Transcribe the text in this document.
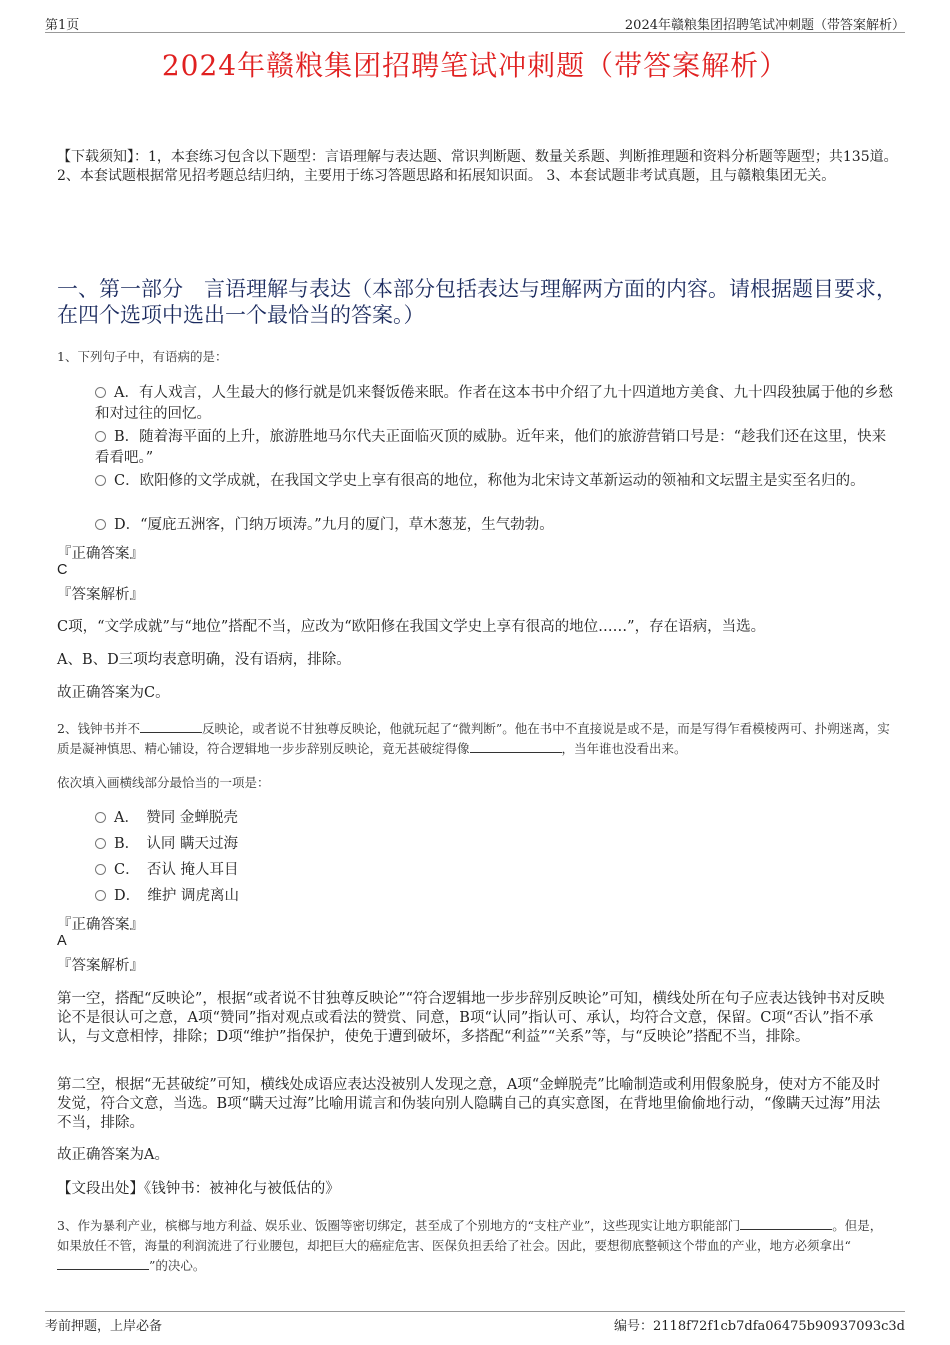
第1页	2024年赣粮集团招聘笔试冲刺题（带答案解析）
2024年赣粮集团招聘笔试冲刺题（带答案解析）
【下载须知】：1，本套练习包含以下题型：言语理解与表达题、常识判断题、数量关系题、判断推理题和资料分析题等题型；共135道。 2、本套试题根据常见招考题总结归纳，主要用于练习答题思路和拓展知识面。 3、本套试题非考试真题，且与赣粮集团无关。
一、第一部分　言语理解与表达（本部分包括表达与理解两方面的内容。请根据题目要求，在四个选项中选出一个最恰当的答案。）
1、下列句子中，有语病的是：
A．有人戏言，人生最大的修行就是饥来餐饭倦来眠。作者在这本书中介绍了九十四道地方美食、九十四段独属于他的乡愁和对过往的回忆。
B．随着海平面的上升，旅游胜地马尔代夫正面临灭顶的威胁。近年来，他们的旅游营销口号是：“趁我们还在这里，快来看看吧。”
C．欧阳修的文学成就，在我国文学史上享有很高的地位，称他为北宋诗文革新运动的领袖和文坛盟主是实至名归的。
D．“厦庇五洲客，门纳万顷涛。”九月的厦门，草木葱茏，生气勃勃。
『正确答案』
C
『答案解析』
C项，“文学成就”与“地位”搭配不当，应改为“欧阳修在我国文学史上享有很高的地位……”，存在语病，当选。
A、B、D三项均表意明确，没有语病，排除。
故正确答案为C。
2、钱钟书并不	反映论，或者说不甘独尊反映论，他就玩起了“微判断”。他在书中不直接说是或不是，而是写得乍看模棱两可、扑朔迷离，实质是凝神慎思、精心铺设，符合逻辑地一步步辞别反映论，竟无甚破绽得像	，当年谁也没看出来。
依次填入画横线部分最恰当的一项是：
A．　赞同 金蝉脱壳
B．　认同 瞒天过海
C．　否认 掩人耳目
D．　维护 调虎离山
『正确答案』
A
『答案解析』
第一空，搭配“反映论”，根据“或者说不甘独尊反映论”“符合逻辑地一步步辞别反映论”可知，横线处所在句子应表达钱钟书对反映论不是很认可之意，A项“赞同”指对观点或看法的赞赏、同意，B项“认同”指认可、承认，均符合文意，保留。C项“否认”指不承认，与文意相悖，排除；D项“维护”指保护，使免于遭到破坏，多搭配“利益”“关系”等，与“反映论”搭配不当，排除。
第二空，根据“无甚破绽”可知，横线处成语应表达没被别人发现之意，A项“金蝉脱壳”比喻制造或利用假象脱身，使对方不能及时发觉，符合文意，当选。B项“瞒天过海”比喻用谎言和伪装向别人隐瞒自己的真实意图，在背地里偷偷地行动，“像瞒天过海”用法不当，排除。
故正确答案为A。
【文段出处】《钱钟书：被神化与被低估的》
3、作为暴利产业，槟榔与地方利益、娱乐业、饭圈等密切绑定，甚至成了个别地方的“支柱产业”，这些现实让地方职能部门	。但是，如果放任不管，海量的利润流进了行业腰包，却把巨大的癌症危害、医保负担丢给了社会。因此，要想彻底整顿这个带血的产业，地方必须拿出“”的决心。
考前押题，上岸必备	编号：2118f72f1cb7dfa06475b90937093c3d
